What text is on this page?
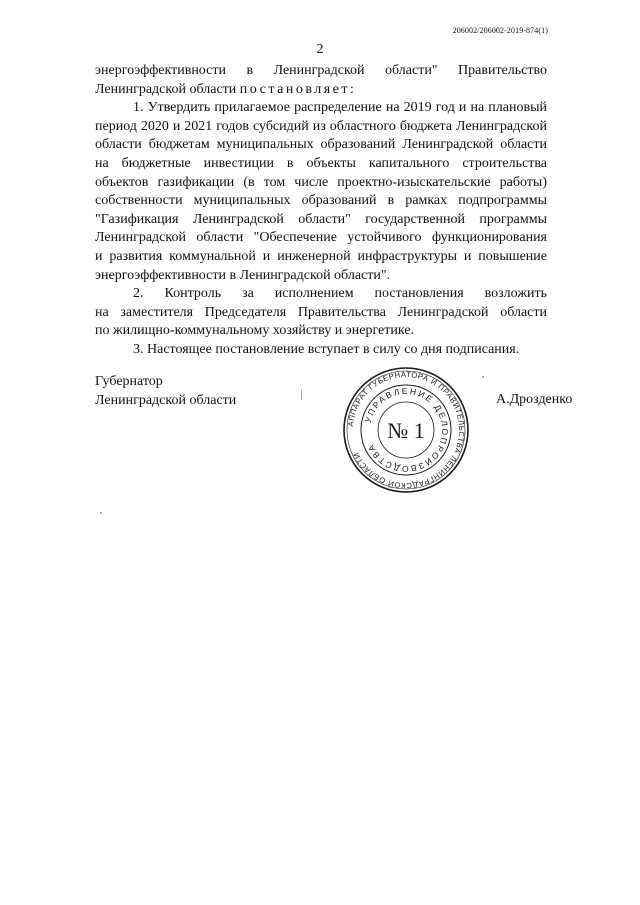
206002/206002-2019-874(1)
2
энергоэффективности в Ленинградской области" Правительство
Ленинградской области постановляет:
1. Утвердить прилагаемое распределение на 2019 год и на плановый
период 2020 и 2021 годов субсидий из областного бюджета Ленинградской
области бюджетам муниципальных образований Ленинградской области
на бюджетные инвестиции в объекты капитального строительства
объектов газификации (в том числе проектно-изыскательские работы)
собственности муниципальных образований в рамках подпрограммы
"Газификация Ленинградской области" государственной программы
Ленинградской области "Обеспечение устойчивого функционирования
и развития коммунальной и инженерной инфраструктуры и повышение
энергоэффективности в Ленинградской области".
2. Контроль за исполнением постановления возложить
на заместителя Председателя Правительства Ленинградской области
по жилищно-коммунальному хозяйству и энергетике.
3. Настоящее постановление вступает в силу со дня подписания.
Губернатор
Ленинградской области
АППАРАТ ГУБЕРНАТОРА И ПРАВИТЕЛЬСТВА ЛЕНИНГРАДСКОЙ ОБЛАСТИ
УПРАВЛЕНИЕ ДЕЛОПРОИЗВОДСТВА
№ 1
А.Дрозденко
